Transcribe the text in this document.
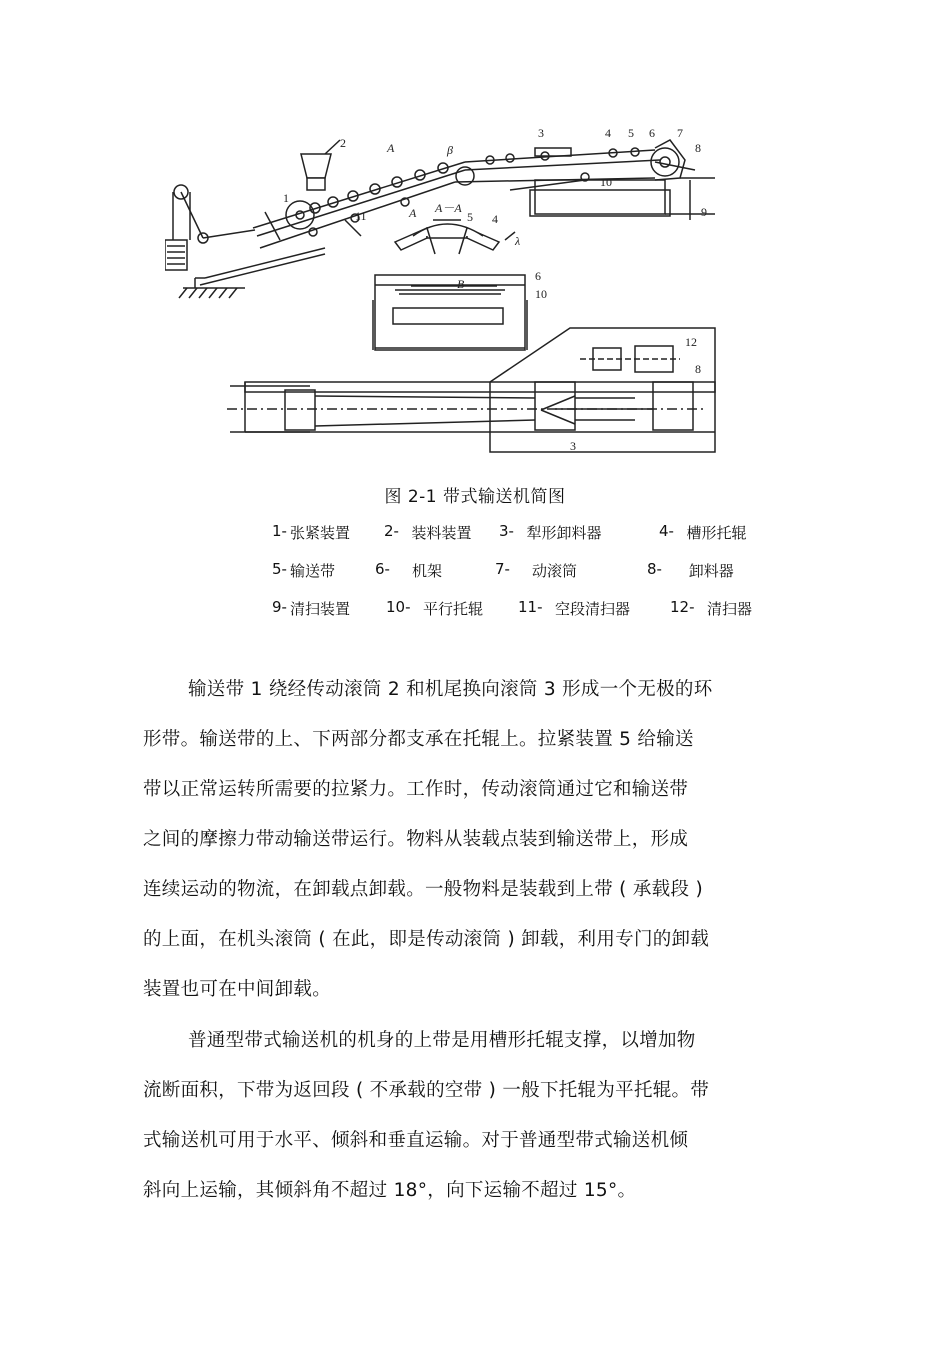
1
2
3	4 5 6 7
8
9
10
11
12
4
5
6
10
3
8
A
A A－A
B
λ
β
图 2-1 带式输送机简图
1- 张紧装置 2- 装料装置 3- 犁形卸料器	4- 槽形托辊
5- 输送带	6- 机架	7- 动滚筒	8- 卸料器
9- 清扫装置 10- 平行托辊 11- 空段清扫器	12- 清扫器
输送带 1 绕经传动滚筒 2 和机尾换向滚筒 3 形成一个无极的环
形带。输送带的上、下两部分都支承在托辊上。拉紧装置 5 给输送
带以正常运转所需要的拉紧力。工作时，传动滚筒通过它和输送带
之间的摩擦力带动输送带运行。物料从装载点装到输送带上，形成
连续运动的物流，在卸载点卸载。一般物料是装载到上带 ( 承载段 )
的上面，在机头滚筒 ( 在此，即是传动滚筒 ) 卸载，利用专门的卸载
装置也可在中间卸载。
普通型带式输送机的机身的上带是用槽形托辊支撑，以增加物
流断面积，下带为返回段 ( 不承载的空带 ) 一般下托辊为平托辊。带
式输送机可用于水平、倾斜和垂直运输。对于普通型带式输送机倾
斜向上运输，其倾斜角不超过 18°，向下运输不超过 15°。
